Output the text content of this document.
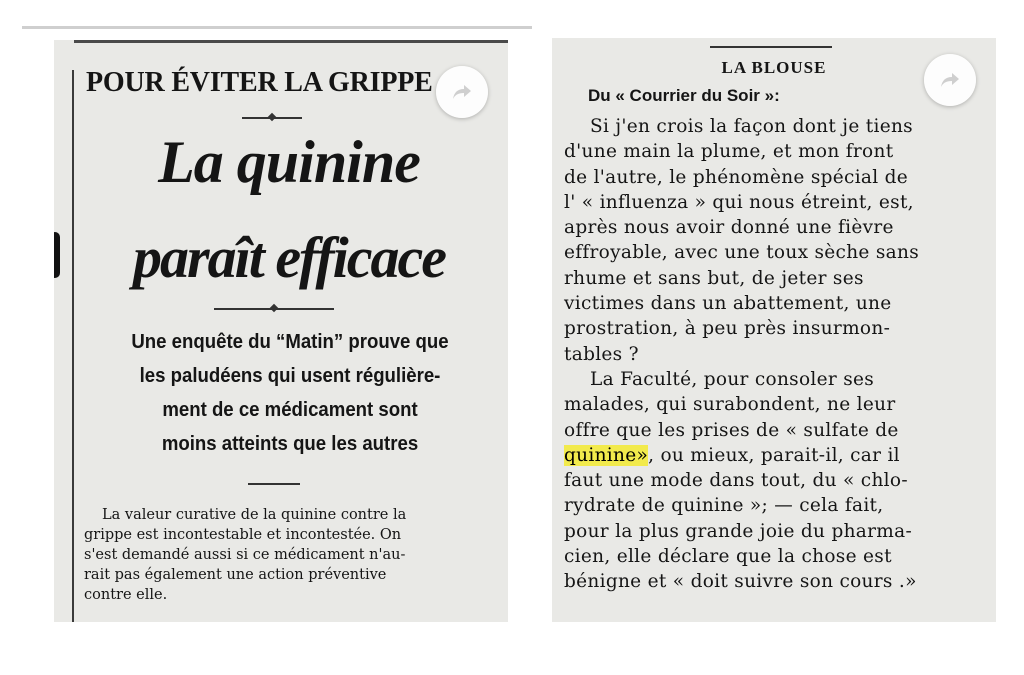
POUR ÉVITER LA GRIPPE
La quinine
paraît efficace
Une enquête du “Matin” prouve que
les paludéens qui usent régulière-
ment de ce médicament sont
moins atteints que les autres
La valeur curative de la quinine contre la
grippe est incontestable et incontestée. On
s'est demandé aussi si ce médicament n'au-
rait pas également une action préventive
contre elle.
LA BLOUSE
Du « Courrier du Soir »:
Si j'en crois la façon dont je tiens
d'une main la plume, et mon front
de l'autre, le phénomène spécial de
l' « influenza » qui nous étreint, est,
après nous avoir donné une fièvre
effroyable, avec une toux sèche sans
rhume et sans but, de jeter ses
victimes dans un abattement, une
prostration, à peu près insurmon-
tables ?
La Faculté, pour consoler ses
malades, qui surabondent, ne leur
offre que les prises de « sulfate de
quinine», ou mieux, parait-il, car il
faut une mode dans tout, du « chlo-
rydrate de quinine »; — cela fait,
pour la plus grande joie du pharma-
cien, elle déclare que la chose est
bénigne et « doit suivre son cours .»
